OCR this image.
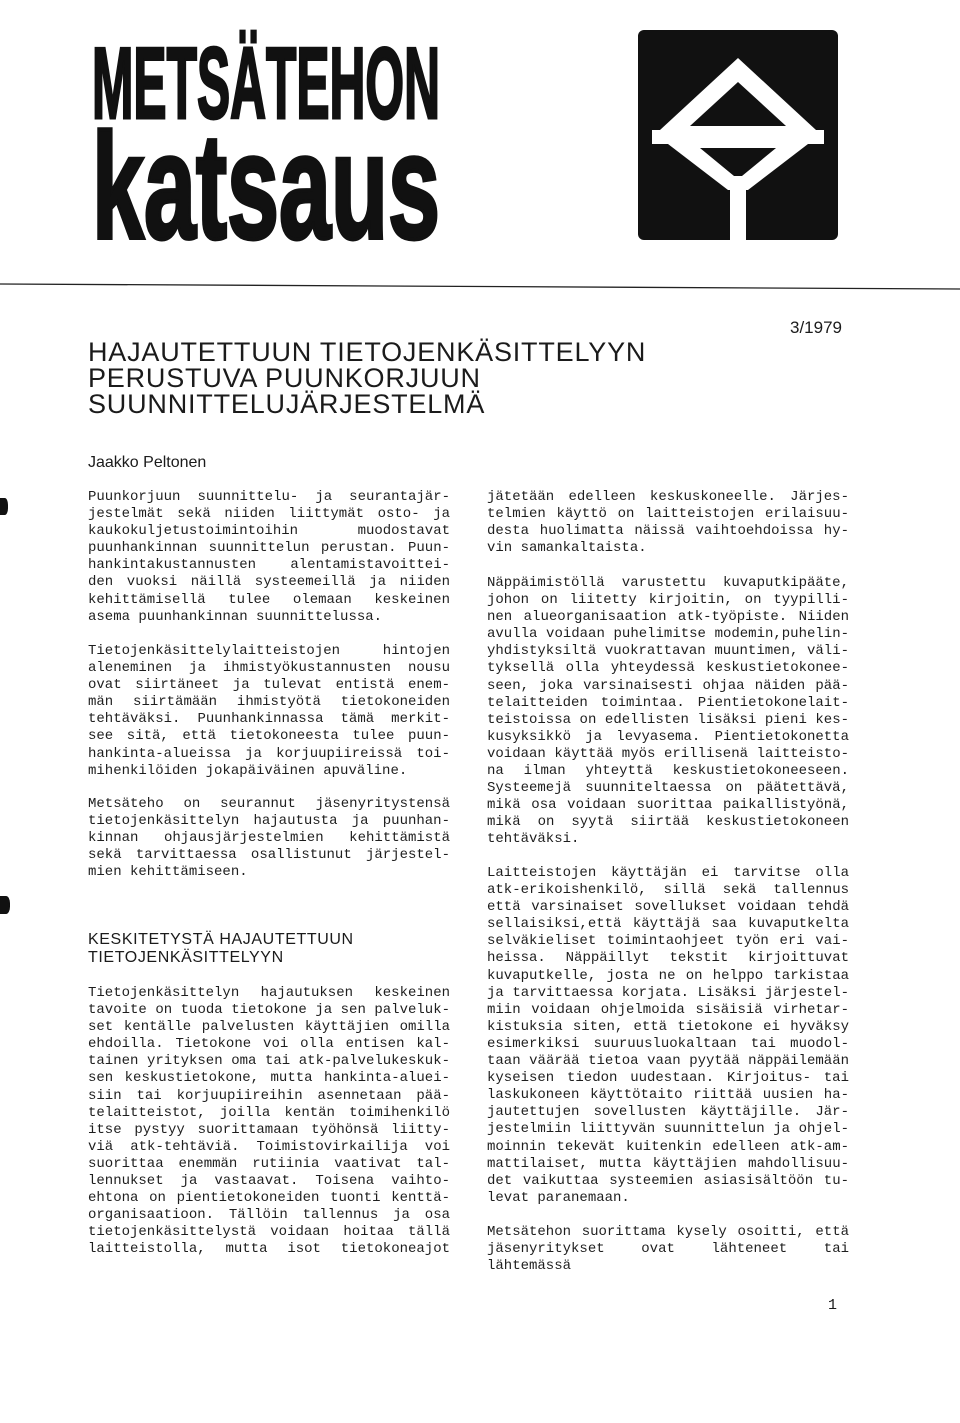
METSÄTEHON
katsaus
3/1979
HAJAUTETTUUN TIETOJENKÄSITTELYYN
PERUSTUVA PUUNKORJUUN
SUUNNITTELUJÄRJESTELMÄ
Jaakko Peltonen
Puunkorjuun suunnittelu- ja seurantajär-
jestelmät sekä niiden liittymät osto- ja
kaukokuljetustoimintoihin muodostavat
puunhankinnan suunnittelun perustan. Puun-
hankintakustannusten alentamistavoittei-
den vuoksi näillä systeemeillä ja niiden
kehittämisellä tulee olemaan keskeinen
asema puunhankinnan suunnittelussa.
Tietojenkäsittelylaitteistojen hintojen
aleneminen ja ihmistyökustannusten nousu
ovat siirtäneet ja tulevat entistä enem-
män siirtämään ihmistyötä tietokoneiden
tehtäväksi. Puunhankinnassa tämä merkit-
see sitä, että tietokoneesta tulee puun-
hankinta-alueissa ja korjuupiireissä toi-
mihenkilöiden jokapäiväinen apuväline.
Metsäteho on seurannut jäsenyritystensä
tietojenkäsittelyn hajautusta ja puunhan-
kinnan ohjausjärjestelmien kehittämistä
sekä tarvittaessa osallistunut järjestel-
mien kehittämiseen.
KESKITETYSTÄ HAJAUTETTUUN
TIETOJENKÄSITTELYYN
Tietojenkäsittelyn hajautuksen keskeinen
tavoite on tuoda tietokone ja sen palveluk-
set kentälle palvelusten käyttäjien omilla
ehdoilla. Tietokone voi olla entisen kal-
tainen yrityksen oma tai atk-palvelukeskuk-
sen keskustietokone, mutta hankinta-aluei-
siin tai korjuupiireihin asennetaan pää-
telaitteistot, joilla kentän toimihenkilö
itse pystyy suorittamaan työhönsä liitty-
viä atk-tehtäviä. Toimistovirkailija voi
suorittaa enemmän rutiinia vaativat tal-
lennukset ja vastaavat. Toisena vaihto-
ehtona on pientietokoneiden tuonti kenttä-
organisaatioon. Tällöin tallennus ja osa
tietojenkäsittelystä voidaan hoitaa tällä
laitteistolla, mutta isot tietokoneajot
jätetään edelleen keskuskoneelle. Järjes-
telmien käyttö on laitteistojen erilaisuu-
desta huolimatta näissä vaihtoehdoissa hy-
vin samankaltaista.
Näppäimistöllä varustettu kuvaputkipääte,
johon on liitetty kirjoitin, on tyypilli-
nen alueorganisaation atk-työpiste. Niiden
avulla voidaan puhelimitse modemin,puhelin-
yhdistyksiltä vuokrattavan muuntimen, väli-
tyksellä olla yhteydessä keskustietokonee-
seen, joka varsinaisesti ohjaa näiden pää-
telaitteiden toimintaa. Pientietokonelait-
teistoissa on edellisten lisäksi pieni kes-
kusyksikkö ja levyasema. Pientietokonetta
voidaan käyttää myös erillisenä laitteisto-
na ilman yhteyttä keskustietokoneeseen.
Systeemejä suunniteltaessa on päätettävä,
mikä osa voidaan suorittaa paikallistyönä,
mikä on syytä siirtää keskustietokoneen
tehtäväksi.
Laitteistojen käyttäjän ei tarvitse olla
atk-erikoishenkilö, sillä sekä tallennus
että varsinaiset sovellukset voidaan tehdä
sellaisiksi,että käyttäjä saa kuvaputkelta
selväkieliset toimintaohjeet työn eri vai-
heissa. Näppäillyt tekstit kirjoittuvat
kuvaputkelle, josta ne on helppo tarkistaa
ja tarvittaessa korjata. Lisäksi järjestel-
miin voidaan ohjelmoida sisäisiä virhetar-
kistuksia siten, että tietokone ei hyväksy
esimerkiksi suuruusluokaltaan tai muodol-
taan väärää tietoa vaan pyytää näppäilemään
kyseisen tiedon uudestaan. Kirjoitus- tai
laskukoneen käyttötaito riittää uusien ha-
jautettujen sovellusten käyttäjille. Jär-
jestelmiin liittyvän suunnittelun ja ohjel-
moinnin tekevät kuitenkin edelleen atk-am-
mattilaiset, mutta käyttäjien mahdollisuu-
det vaikuttaa systeemien asiasisältöön tu-
levat paranemaan.
Metsätehon suorittama kysely osoitti, että
jäsenyritykset ovat lähteneet tai lähtemässä
1
